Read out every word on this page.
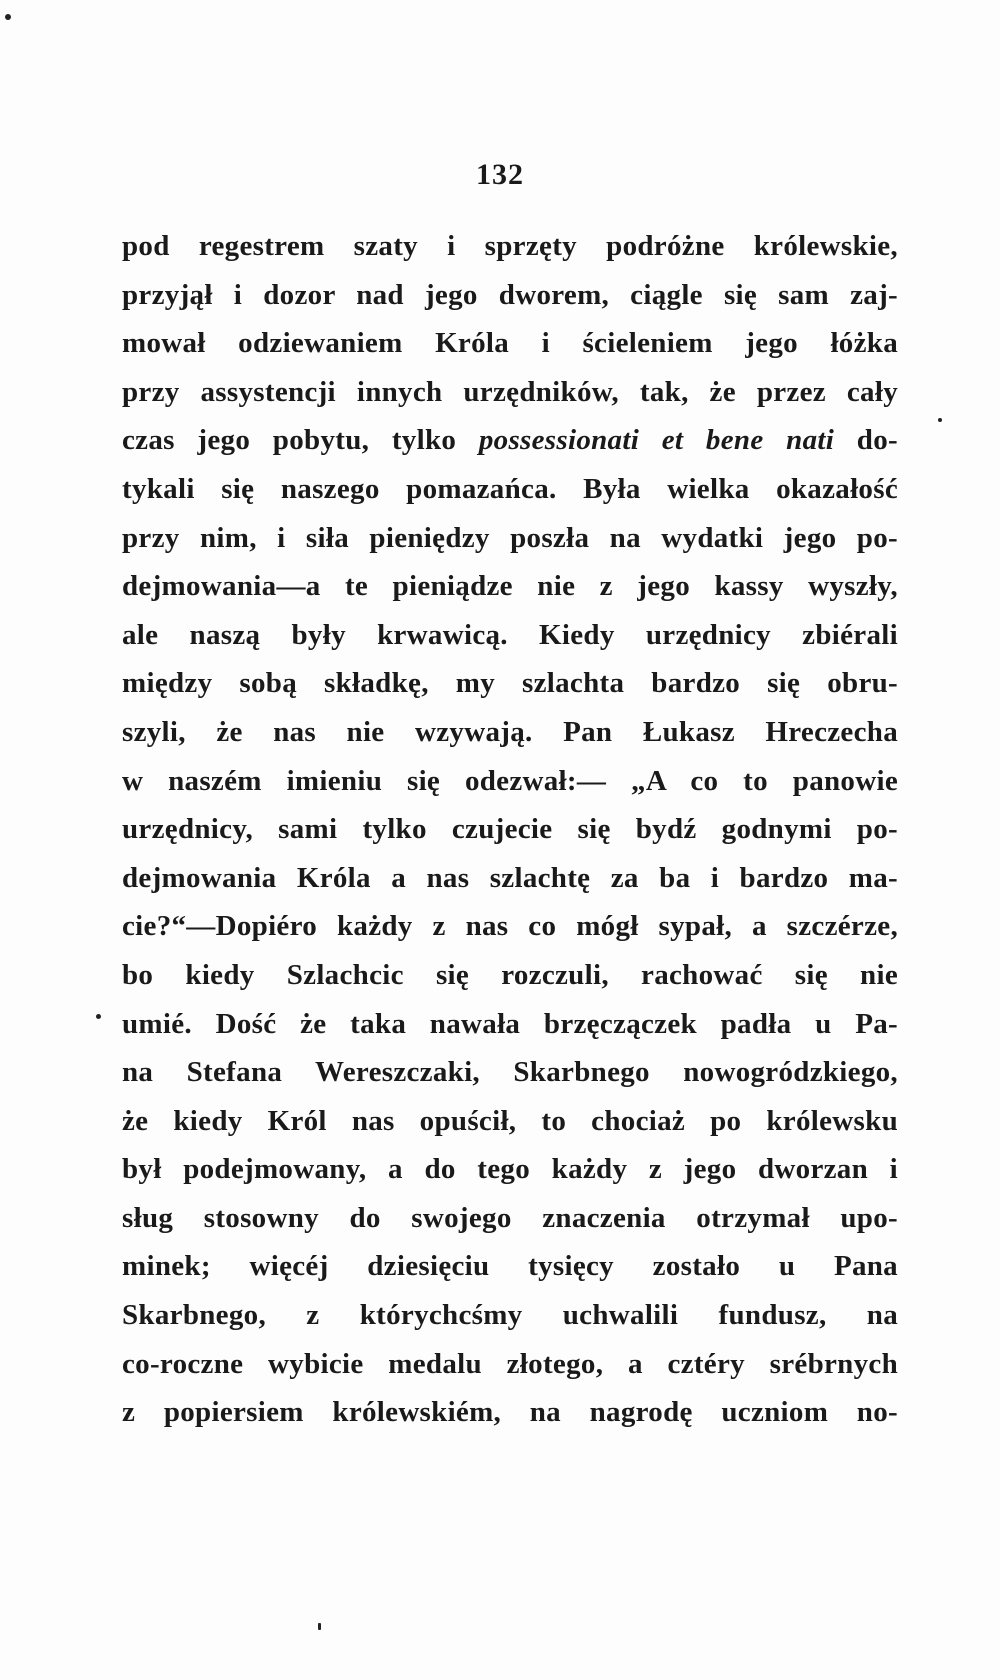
132
pod regestrem szaty i sprzęty podróżne królewskie,
przyjął i dozor nad jego dworem, ciągle się sam zaj-
mował odziewaniem Króla i ścieleniem jego łóżka
przy assystencji innych urzędników, tak, że przez cały
czas jego pobytu, tylko possessionati et bene nati do-
tykali się naszego pomazańca. Była wielka okazałość
przy nim, i siła pieniędzy poszła na wydatki jego po-
dejmowania—a te pieniądze nie z jego kassy wyszły,
ale naszą były krwawicą. Kiedy urzędnicy zbiérali
między sobą składkę, my szlachta bardzo się obru-
szyli, że nas nie wzywają. Pan Łukasz Hreczecha
w naszém imieniu się odezwał:— „A co to panowie
urzędnicy, sami tylko czujecie się bydź godnymi po-
dejmowania Króla a nas szlachtę za ba i bardzo ma-
cie?“—Dopiéro każdy z nas co mógł sypał, a szczérze,
bo kiedy Szlachcic się rozczuli, rachować się nie
umié. Dość że taka nawała brzęczączek padła u Pa-
na Stefana Wereszczaki, Skarbnego nowogródzkiego,
że kiedy Król nas opuścił, to chociaż po królewsku
był podejmowany, a do tego każdy z jego dworzan i
sług stosowny do swojego znaczenia otrzymał upo-
minek; więcéj dziesięciu tysięcy zostało u Pana
Skarbnego, z którychcśmy uchwalili fundusz, na
co-roczne wybicie medalu złotego, a cztéry srébrnych
z popiersiem królewskiém, na nagrodę uczniom no-
